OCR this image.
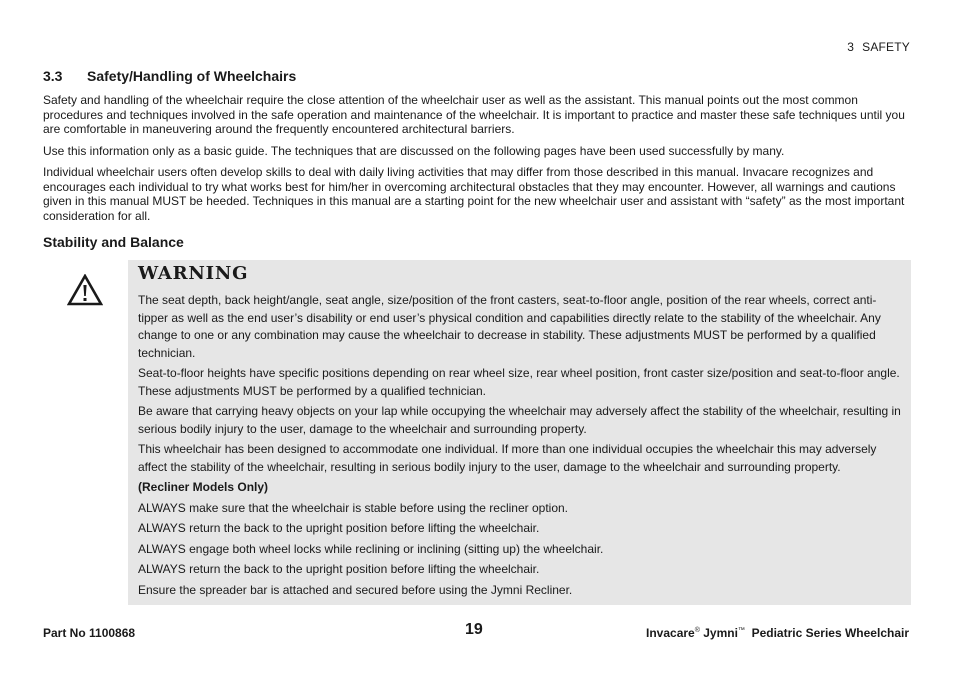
3 SAFETY
3.3 Safety/Handling of Wheelchairs

Safety and handling of the wheelchair require the close attention of the wheelchair user as well as the assistant. This manual points out the most common procedures and techniques involved in the safe operation and maintenance of the wheelchair. It is important to practice and master these safe techniques until you are comfortable in maneuvering around the frequently encountered architectural barriers.

Use this information only as a basic guide. The techniques that are discussed on the following pages have been used successfully by many.

Individual wheelchair users often develop skills to deal with daily living activities that may differ from those described in this manual. Invacare recognizes and encourages each individual to try what works best for him/her in overcoming architectural obstacles that they may encounter. However, all warnings and cautions given in this manual MUST be heeded. Techniques in this manual are a starting point for the new wheelchair user and assistant with “safety” as the most important consideration for all.

Stability and Balance
WARNING

The seat depth, back height/angle, seat angle, size/position of the front casters, seat-to-floor angle, position of the rear wheels, correct anti-tipper as well as the end user’s disability or end user’s physical condition and capabilities directly relate to the stability of the wheelchair. Any change to one or any combination may cause the wheelchair to decrease in stability. These adjustments MUST be performed by a qualified technician.

Seat-to-floor heights have specific positions depending on rear wheel size, rear wheel position, front caster size/position and seat-to-floor angle. These adjustments MUST be performed by a qualified technician.

Be aware that carrying heavy objects on your lap while occupying the wheelchair may adversely affect the stability of the wheelchair, resulting in serious bodily injury to the user, damage to the wheelchair and surrounding property.

This wheelchair has been designed to accommodate one individual. If more than one individual occupies the wheelchair this may adversely affect the stability of the wheelchair, resulting in serious bodily injury to the user, damage to the wheelchair and surrounding property.

(Recliner Models Only)

ALWAYS make sure that the wheelchair is stable before using the recliner option.

ALWAYS return the back to the upright position before lifting the wheelchair.

ALWAYS engage both wheel locks while reclining or inclining (sitting up) the wheelchair.

ALWAYS return the back to the upright position before lifting the wheelchair.

Ensure the spreader bar is attached and secured before using the Jymni Recliner.

Part No 1100868	19	Invacare® Jymni™ Pediatric Series Wheelchair
